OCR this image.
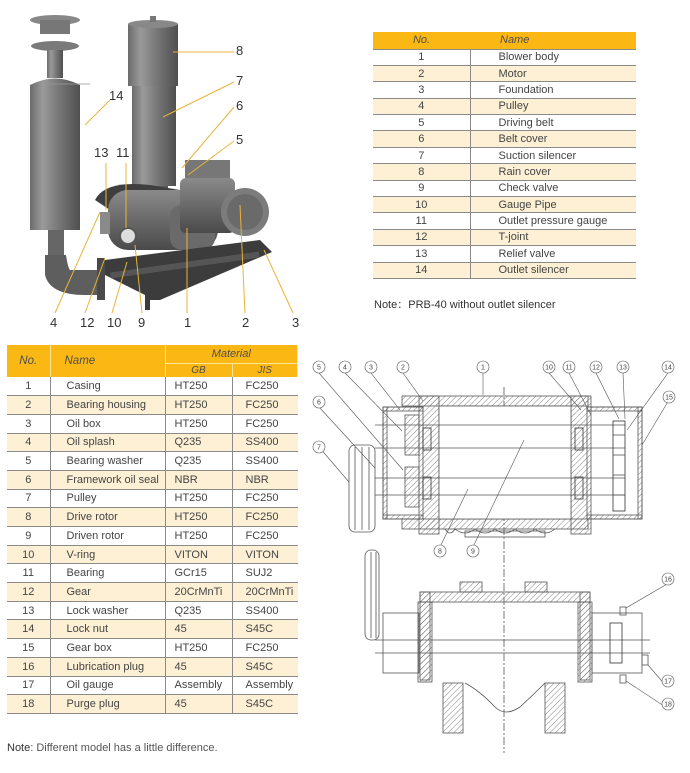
8
7
14
6
5
13 11
4 12 10 9	1	2	3
No.	Name
1	Blower body
2	Motor
3	Foundation
4	Pulley
5	Driving belt
6	Belt cover
7	Suction silencer
8	Rain cover
9	Check valve
10	Gauge Pipe
11	Outlet pressure gauge
12	T-joint
13	Relief valve
14	Outlet silencer
Note：PRB-40 without outlet silencer
No.	Name	Material	
		GB	JIS
1	Casing	HT250	FC250
2	Bearing housing	HT250	FC250
3	Oil box	HT250	FC250
4	Oil splash	Q235	SS400
5	Bearing washer	Q235	SS400
6	Framework oil seal	NBR	NBR
7	Pulley	HT250	FC250
8	Drive rotor	HT250	FC250
9	Driven rotor	HT250	FC250
10	V-ring	VITON	VITON
11	Bearing	GCr15	SUJ2
12	Gear	20CrMnTi	20CrMnTi
13	Lock washer	Q235	SS400
14	Lock nut	45	S45C
15	Gear box	HT250	FC250
16	Lubrication plug	45	S45C
17	Oil gauge	Assembly	Assembly
18	Purge plug	45	S45C
Note: Different model has a little difference.
5	4	3	2	1	10 11	12	13	14
15
6
7
8	9
16
17
18
